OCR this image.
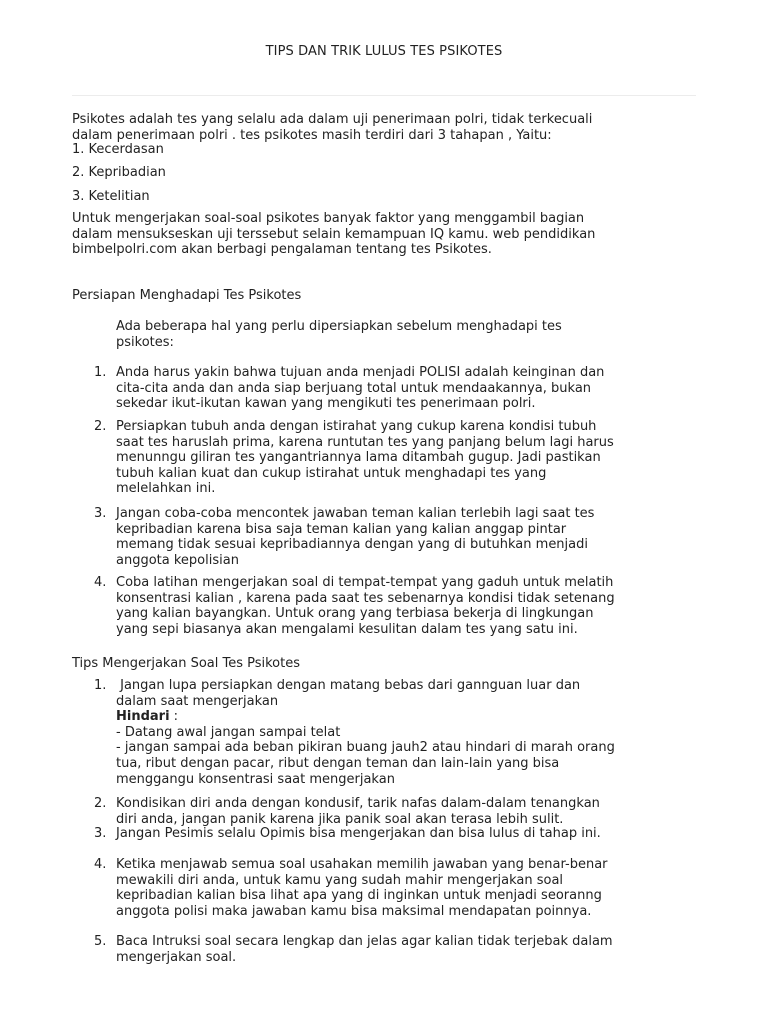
TIPS DAN TRIK LULUS TES PSIKOTES
Psikotes adalah tes yang selalu ada dalam uji penerimaan polri, tidak terkecuali
dalam penerimaan polri . tes psikotes masih terdiri dari 3 tahapan , Yaitu:
1. Kecerdasan
2. Kepribadian
3. Ketelitian
Untuk mengerjakan soal-soal psikotes banyak faktor yang menggambil bagian
dalam mensukseskan uji terssebut selain kemampuan IQ kamu. web pendidikan
bimbelpolri.com akan berbagi pengalaman tentang tes Psikotes.
Persiapan Menghadapi Tes Psikotes
Ada beberapa hal yang perlu dipersiapkan sebelum menghadapi tes
psikotes:
1. Anda harus yakin bahwa tujuan anda menjadi POLISI adalah keinginan dan
cita-cita anda dan anda siap berjuang total untuk mendaakannya, bukan
sekedar ikut-ikutan kawan yang mengikuti tes penerimaan polri.
2. Persiapkan tubuh anda dengan istirahat yang cukup karena kondisi tubuh
saat tes haruslah prima, karena runtutan tes yang panjang belum lagi harus
menunngu giliran tes yangantriannya lama ditambah gugup. Jadi pastikan
tubuh kalian kuat dan cukup istirahat untuk menghadapi tes yang
melelahkan ini.
3. Jangan coba-coba mencontek jawaban teman kalian terlebih lagi saat tes
kepribadian karena bisa saja teman kalian yang kalian anggap pintar
memang tidak sesuai kepribadiannya dengan yang di butuhkan menjadi
anggota kepolisian
4. Coba latihan mengerjakan soal di tempat-tempat yang gaduh untuk melatih
konsentrasi kalian , karena pada saat tes sebenarnya kondisi tidak setenang
yang kalian bayangkan. Untuk orang yang terbiasa bekerja di lingkungan
yang sepi biasanya akan mengalami kesulitan dalam tes yang satu ini.
Tips Mengerjakan Soal Tes Psikotes
1. Jangan lupa persiapkan dengan matang bebas dari gannguan luar dan
dalam saat mengerjakan
Hindari :
- Datang awal jangan sampai telat
- jangan sampai ada beban pikiran buang jauh2 atau hindari di marah orang
tua, ribut dengan pacar, ribut dengan teman dan lain-lain yang bisa
menggangu konsentrasi saat mengerjakan
2. Kondisikan diri anda dengan kondusif, tarik nafas dalam-dalam tenangkan
diri anda, jangan panik karena jika panik soal akan terasa lebih sulit.
3. Jangan Pesimis selalu Opimis bisa mengerjakan dan bisa lulus di tahap ini.
4. Ketika menjawab semua soal usahakan memilih jawaban yang benar-benar
mewakili diri anda, untuk kamu yang sudah mahir mengerjakan soal
kepribadian kalian bisa lihat apa yang di inginkan untuk menjadi seoranng
anggota polisi maka jawaban kamu bisa maksimal mendapatan poinnya.
5. Baca Intruksi soal secara lengkap dan jelas agar kalian tidak terjebak dalam
mengerjakan soal.
